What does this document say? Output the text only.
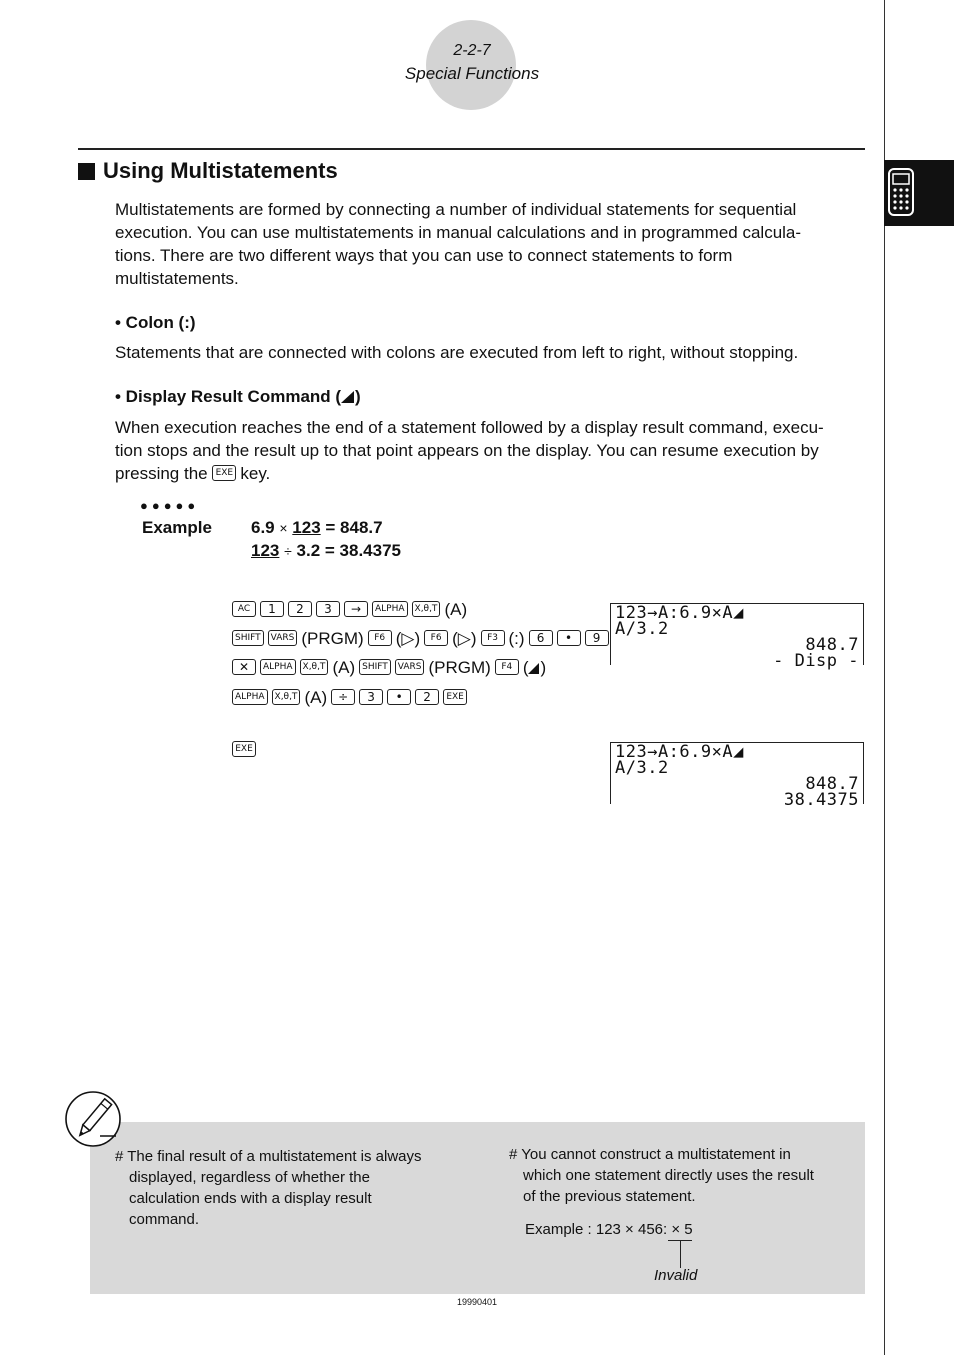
2-2-7
Special Functions
Using Multistatements
Multistatements are formed by connecting a number of individual statements for sequential
execution. You can use multistatements in manual calculations and in programmed calcula-
tions. There are two different ways that you can use to connect statements to form
multistatements.
• Colon (:)
Statements that are connected with colons are executed from left to right, without stopping.
• Display Result Command ( )
When execution reaches the end of a statement followed by a display result command, execu-
tion stops and the result up to that point appears on the display. You can resume execution by
pressing the EXE key.
●●●●●
Example 6.9 × 123 = 848.7
123 ÷ 3.2 = 38.4375
AC 1 2 3 → ALPHA X,θ,T (A)
SHIFT VARS (PRGM) F6 (▷) F6 (▷) F3 (:) 6 • 9
✕ ALPHA X,θ,T (A) SHIFT VARS (PRGM) F4 ( )
ALPHA X,θ,T (A) ÷ 3 • 2 EXE
EXE
123→A:6.9×A◢
A/3.2
848.7
- Disp -
123→A:6.9×A◢
A/3.2
848.7
38.4375
# The final result of a multistatement is always
displayed, regardless of whether the
calculation ends with a display result
command.
# You cannot construct a multistatement in
which one statement directly uses the result
of the previous statement.
Example : 123 × 456: × 5
Invalid
19990401
